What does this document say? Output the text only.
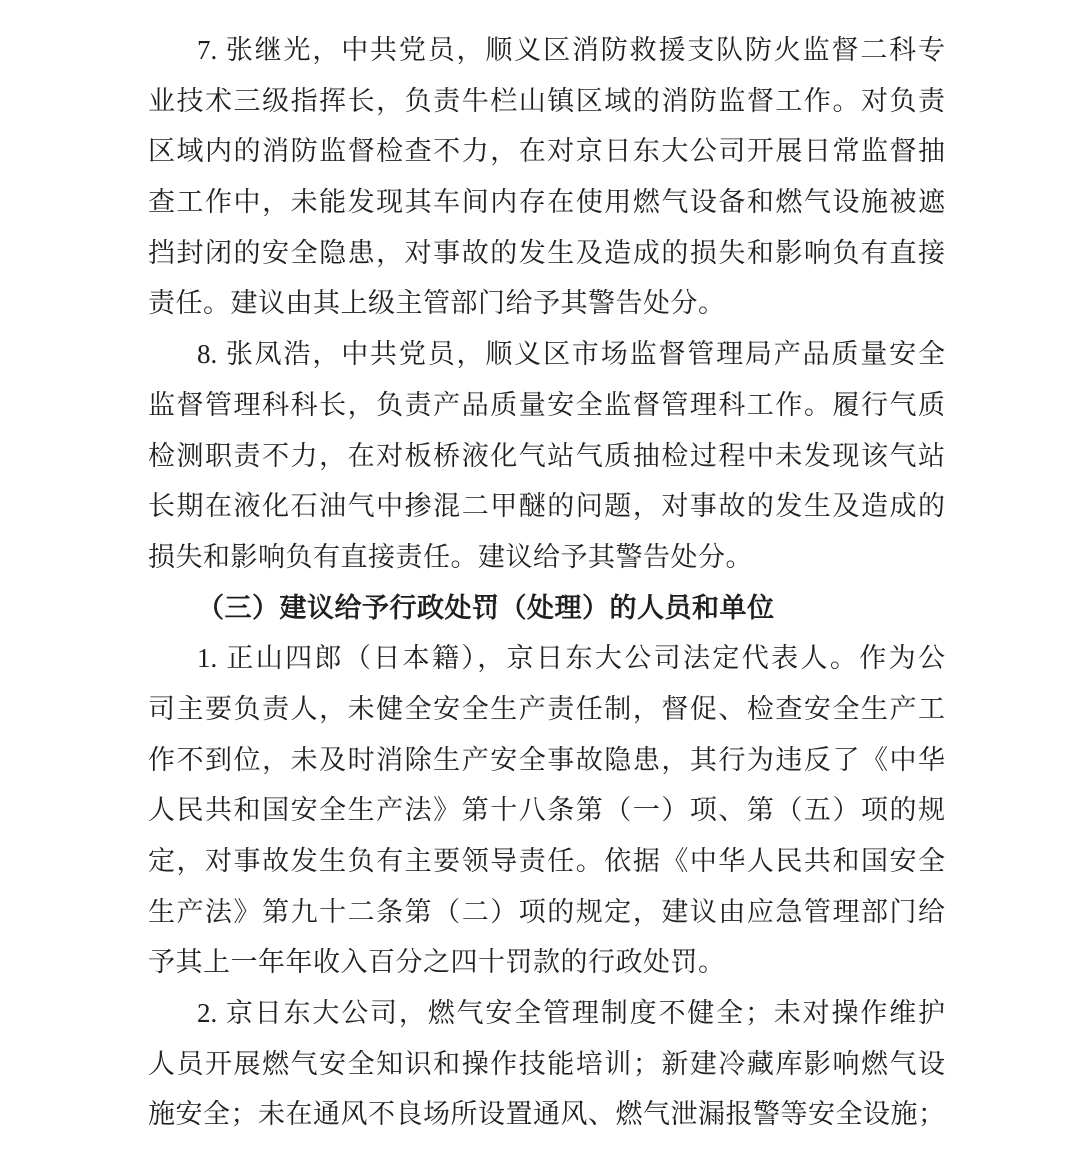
7. 张继光，中共党员，顺义区消防救援支队防火监督二科专
业技术三级指挥长，负责牛栏山镇区域的消防监督工作。对负责
区域内的消防监督检查不力，在对京日东大公司开展日常监督抽
查工作中，未能发现其车间内存在使用燃气设备和燃气设施被遮
挡封闭的安全隐患，对事故的发生及造成的损失和影响负有直接
责任。建议由其上级主管部门给予其警告处分。
8. 张凤浩，中共党员，顺义区市场监督管理局产品质量安全
监督管理科科长，负责产品质量安全监督管理科工作。履行气质
检测职责不力，在对板桥液化气站气质抽检过程中未发现该气站
长期在液化石油气中掺混二甲醚的问题，对事故的发生及造成的
损失和影响负有直接责任。建议给予其警告处分。
（三）建议给予行政处罚（处理）的人员和单位
1. 正山四郎（日本籍），京日东大公司法定代表人。作为公
司主要负责人，未健全安全生产责任制，督促、检查安全生产工
作不到位，未及时消除生产安全事故隐患，其行为违反了《中华
人民共和国安全生产法》第十八条第（一）项、第（五）项的规
定，对事故发生负有主要领导责任。依据《中华人民共和国安全
生产法》第九十二条第（二）项的规定，建议由应急管理部门给
予其上一年年收入百分之四十罚款的行政处罚。
2. 京日东大公司，燃气安全管理制度不健全；未对操作维护
人员开展燃气安全知识和操作技能培训；新建冷藏库影响燃气设
施安全；未在通风不良场所设置通风、燃气泄漏报警等安全设施；
